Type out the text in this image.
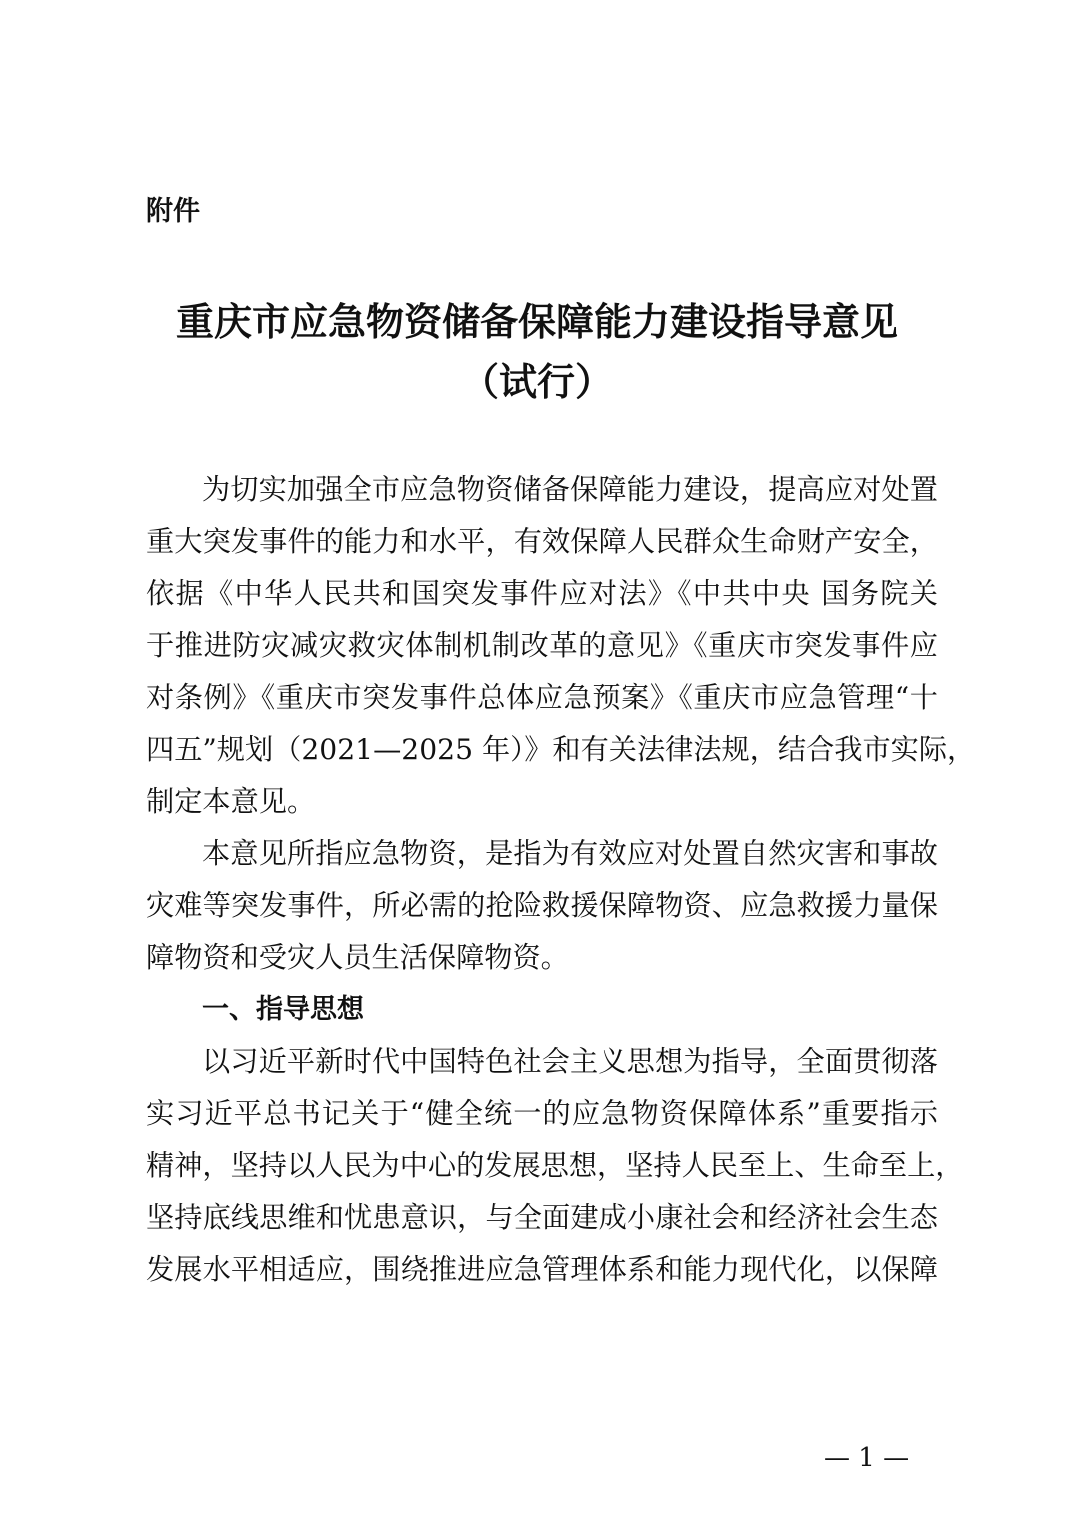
附件

重庆市应急物资储备保障能力建设指导意见
（试行）

为切实加强全市应急物资储备保障能力建设，提高应对处置

重大突发事件的能力和水平，有效保障人民群众生命财产安全，

依据《中华人民共和国突发事件应对法》《中共中央 国务院关

于推进防灾减灾救灾体制机制改革的意见》《重庆市突发事件应

对条例》《重庆市突发事件总体应急预案》《重庆市应急管理“十

四五”规划（2021—2025 年）》和有关法律法规，结合我市实际，

制定本意见。

本意见所指应急物资，是指为有效应对处置自然灾害和事故

灾难等突发事件，所必需的抢险救援保障物资、应急救援力量保

障物资和受灾人员生活保障物资。

一、指导思想

以习近平新时代中国特色社会主义思想为指导，全面贯彻落

实习近平总书记关于“健全统一的应急物资保障体系”重要指示

精神，坚持以人民为中心的发展思想，坚持人民至上、生命至上，

坚持底线思维和忧患意识，与全面建成小康社会和经济社会生态

发展水平相适应，围绕推进应急管理体系和能力现代化，以保障

— 1 —
